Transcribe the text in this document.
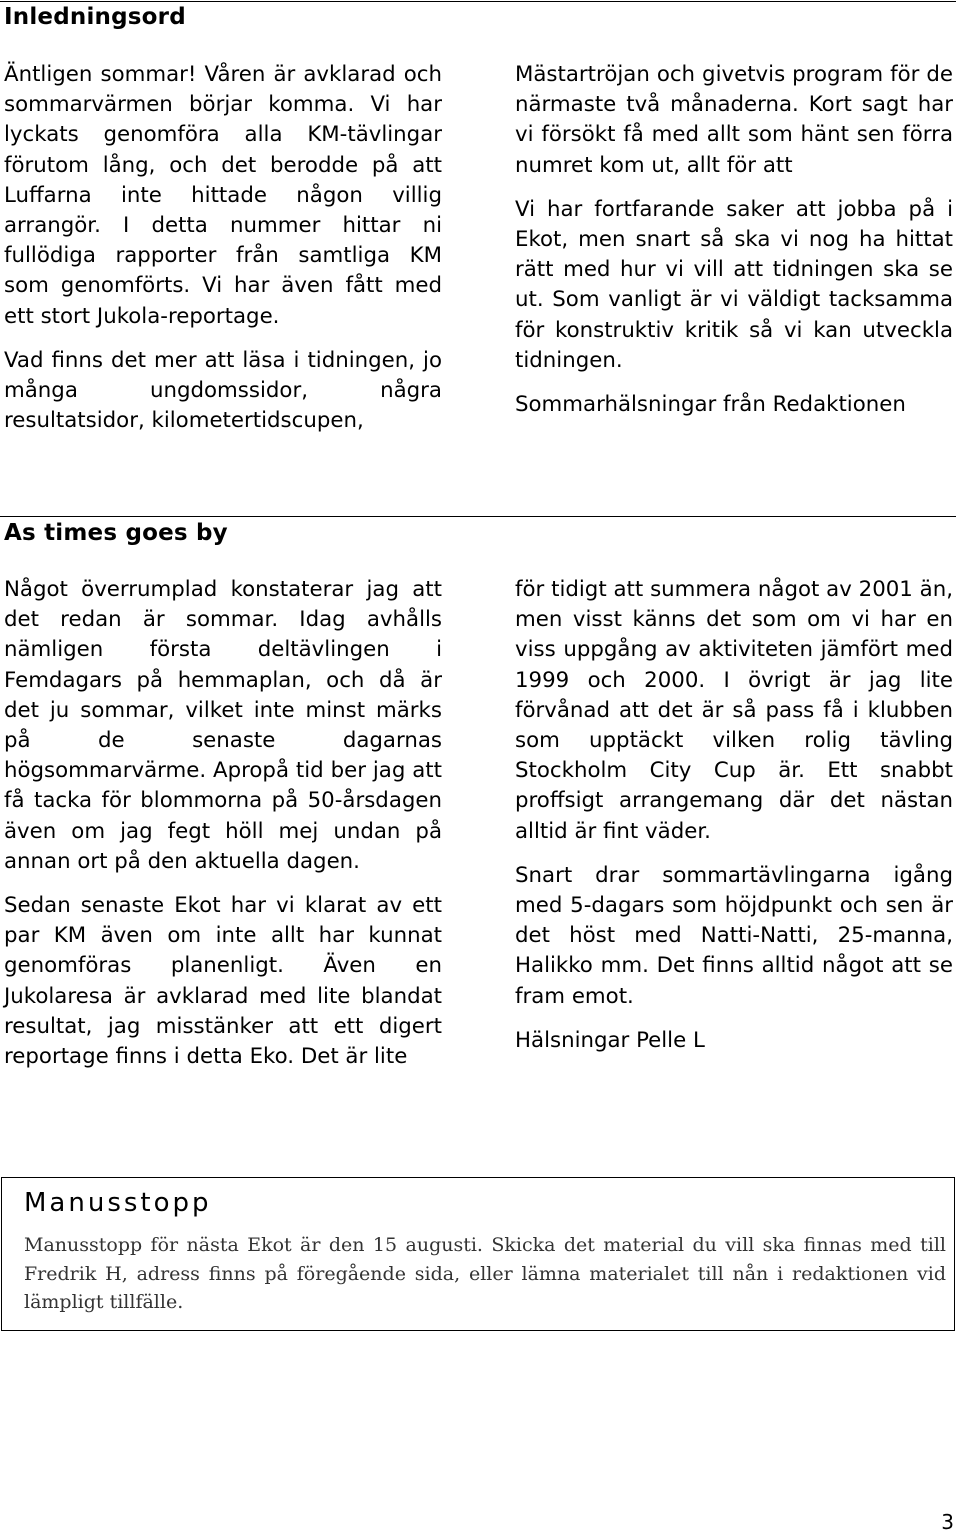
Inledningsord

Äntligen sommar! Våren är avklarad och sommarvärmen börjar komma. Vi har lyckats genomföra alla KM-tävlingar förutom lång, och det berodde på att Luffarna inte hittade någon villig arrangör. I detta nummer hittar ni fullödiga rapporter från samtliga KM som genomförts. Vi har även fått med ett stort Jukola-reportage.

Vad finns det mer att läsa i tidningen, jo många ungdomssidor, några resultatsidor, kilometertidscupen,

Mästartröjan och givetvis program för de närmaste två månaderna. Kort sagt har vi försökt få med allt som hänt sen förra numret kom ut, allt för att

Vi har fortfarande saker att jobba på i Ekot, men snart så ska vi nog ha hittat rätt med hur vi vill att tidningen ska se ut. Som vanligt är vi väldigt tacksamma för konstruktiv kritik så vi kan utveckla tidningen.

Sommarhälsningar från Redaktionen

As times goes by

Något överrumplad konstaterar jag att det redan är sommar. Idag avhålls nämligen första deltävlingen i Femdagars på hemmaplan, och då är det ju sommar, vilket inte minst märks på de senaste dagarnas högsommarvärme. Apropå tid ber jag att få tacka för blommorna på 50-årsdagen även om jag fegt höll mej undan på annan ort på den aktuella dagen.

Sedan senaste Ekot har vi klarat av ett par KM även om inte allt har kunnat genomföras planenligt. Även en Jukolaresa är avklarad med lite blandat resultat, jag misstänker att ett digert reportage finns i detta Eko. Det är lite

för tidigt att summera något av 2001 än, men visst känns det som om vi har en viss uppgång av aktiviteten jämfört med 1999 och 2000. I övrigt är jag lite förvånad att det är så pass få i klubben som upptäckt vilken rolig tävling Stockholm City Cup är. Ett snabbt proffsigt arrangemang där det nästan alltid är fint väder.

Snart drar sommartävlingarna igång med 5-dagars som höjdpunkt och sen är det höst med Natti-Natti, 25-manna, Halikko mm. Det finns alltid något att se fram emot.

Hälsningar Pelle L

Manusstopp
Manusstopp för nästa Ekot är den 15 augusti. Skicka det material du vill ska finnas med till Fredrik H, adress finns på föregående sida, eller lämna materialet till nån i redaktionen vid lämpligt tillfälle.
3
